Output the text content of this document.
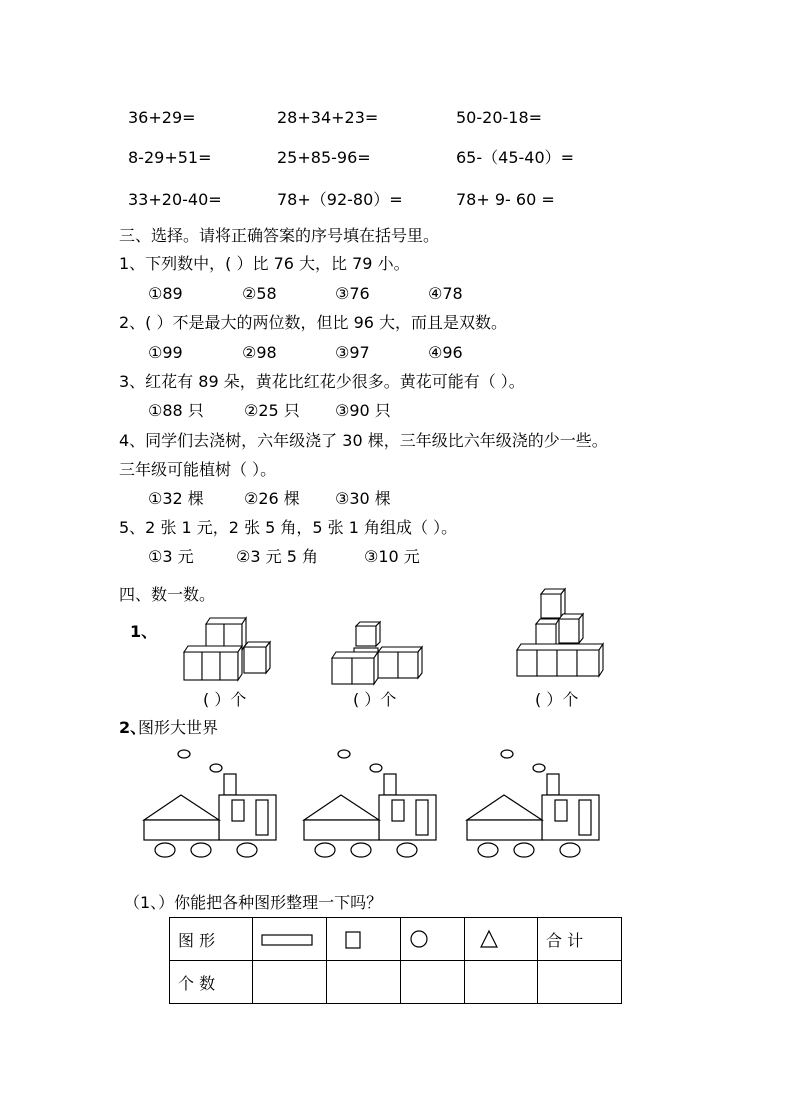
36+29=	28+34+23=	50-20-18=
8-29+51=	25+85-96=	65-（45-40）=
33+20-40=	78+（92-80）=	78+ 9- 60 =
三、选择。请将正确答案的序号填在括号里。
1、下列数中，( ）比 76 大，比 79 小。
①89	②58	③76	④78
2、( ）不是最大的两位数，但比 96 大，而且是双数。
①99	②98	③97	④96
3、红花有 89 朵，黄花比红花少很多。黄花可能有（ ）。
①88 只	②25 只 ③90 只
4、同学们去浇树，六年级浇了 30 棵，三年级比六年级浇的少一些。
三年级可能植树（ ）。
①32 棵	②26 棵 ③30 棵
5、2 张 1 元，2 张 5 角，5 张 1 角组成（ ）。
①3 元	②3 元 5 角	③10 元
四、数一数。
1、
( ）个	( ）个	( ）个
2、
图形大世界
（1、）你能把各种图形整理一下吗？
图 形					合 计
个 数					
